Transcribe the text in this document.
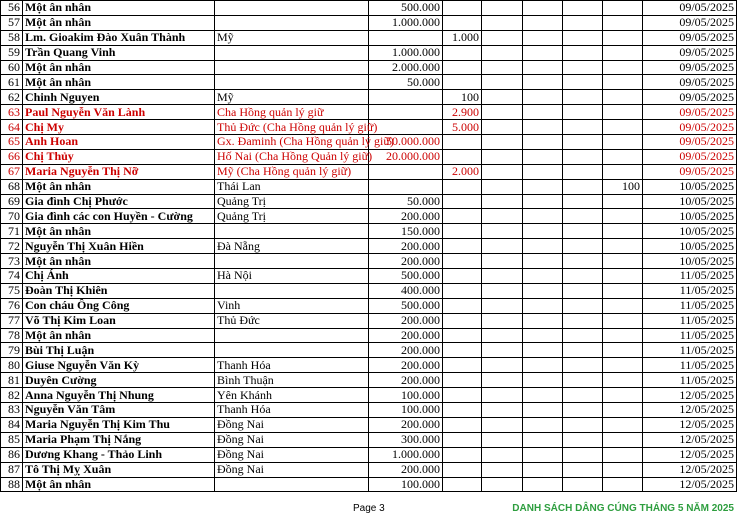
56	Một ân nhân		500.000						09/05/2025
57	Một ân nhân		1.000.000						09/05/2025
58	Lm. Gioakim Đào Xuân Thành	Mỹ		1.000					09/05/2025
59	Trần Quang Vinh		1.000.000						09/05/2025
60	Một ân nhân		2.000.000						09/05/2025
61	Một ân nhân		50.000						09/05/2025
62	Chinh Nguyen	Mỹ		100					09/05/2025
63	Paul Nguyễn Văn Lành	Cha Hồng quản lý giữ		2.900					09/05/2025
64	Chị My	Thủ Đức (Cha Hồng quản lý giữ)		5.000					09/05/2025
65	Anh Hoan	Gx. Đaminh (Cha Hồng quản lý giữ)	50.000.000						09/05/2025
66	Chị Thủy	Hố Nai (Cha Hồng Quản lý giữ)	20.000.000						09/05/2025
67	Maria Nguyễn Thị Nỡ	Mỹ (Cha Hồng quản lý giữ)		2.000					09/05/2025
68	Một ân nhân	Thái Lan						100	10/05/2025
69	Gia đình Chị Phước	Quảng Trị	50.000						10/05/2025
70	Gia đình các con Huyền - Cường	Quảng Trị	200.000						10/05/2025
71	Một ân nhân		150.000						10/05/2025
72	Nguyễn Thị Xuân Hiền	Đà Nẵng	200.000						10/05/2025
73	Một ân nhân		200.000						10/05/2025
74	Chị Ánh	Hà Nội	500.000						11/05/2025
75	Đoàn Thị Khiên		400.000						11/05/2025
76	Con cháu Ông Công	Vinh	500.000						11/05/2025
77	Võ Thị Kim Loan	Thủ Đức	200.000						11/05/2025
78	Một ân nhân		200.000						11/05/2025
79	Bùi Thị Luận		200.000						11/05/2025
80	Giuse Nguyễn Văn Kỳ	Thanh Hóa	200.000						11/05/2025
81	Duyên Cường	Bình Thuận	200.000						11/05/2025
82	Anna Nguyễn Thị Nhung	Yên Khánh	100.000						12/05/2025
83	Nguyễn Văn Tâm	Thanh Hóa	100.000						12/05/2025
84	Maria Nguyễn Thị Kim Thu	Đồng Nai	200.000						12/05/2025
85	Maria Phạm Thị Nắng	Đồng Nai	300.000						12/05/2025
86	Dương Khang - Thảo Linh	Đồng Nai	1.000.000						12/05/2025
87	Tô Thị Mỵ Xuân	Đồng Nai	200.000						12/05/2025
88	Một ân nhân		100.000						12/05/2025
Page 3	DANH SÁCH DÂNG CÚNG THÁNG 5 NĂM 2025
